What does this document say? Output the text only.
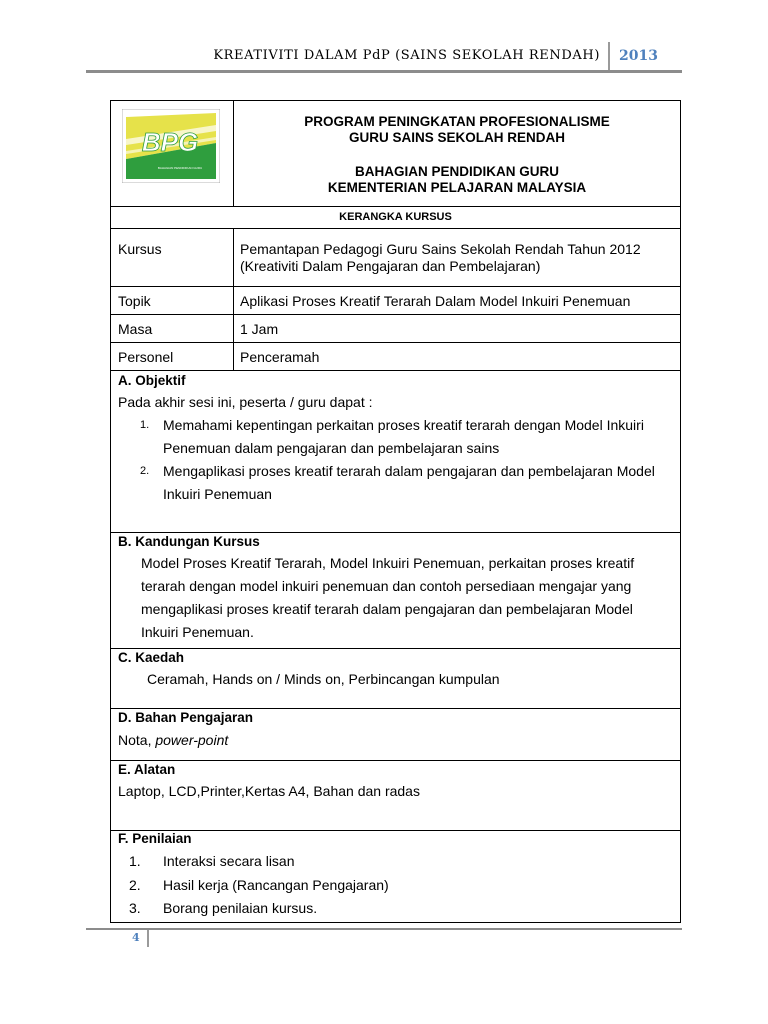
KREATIVITI DALAM PdP (SAINS SEKOLAH RENDAH) 2013
BPG
BAHAGIAN PENDIDIKAN GURU
PROGRAM PENINGKATAN PROFESIONALISME
GURU SAINS SEKOLAH RENDAH
BAHAGIAN PENDIDIKAN GURU
KEMENTERIAN PELAJARAN MALAYSIA
KERANGKA KURSUS
Kursus	Pemantapan Pedagogi Guru Sains Sekolah Rendah Tahun 2012
(Kreativiti Dalam Pengajaran dan Pembelajaran)
Topik	Aplikasi Proses Kreatif Terarah Dalam Model Inkuiri Penemuan
Masa	1 Jam
Personel	Penceramah
A. Objektif
Pada akhir sesi ini, peserta / guru dapat :
1. Memahami kepentingan perkaitan proses kreatif terarah dengan Model Inkuiri
Penemuan dalam pengajaran dan pembelajaran sains
2. Mengaplikasi proses kreatif terarah dalam pengajaran dan pembelajaran Model
Inkuiri Penemuan
B. Kandungan Kursus
Model Proses Kreatif Terarah, Model Inkuiri Penemuan, perkaitan proses kreatif
terarah dengan model inkuiri penemuan dan contoh persediaan mengajar yang
mengaplikasi proses kreatif terarah dalam pengajaran dan pembelajaran Model
Inkuiri Penemuan.
C. Kaedah
Ceramah, Hands on / Minds on, Perbincangan kumpulan
D. Bahan Pengajaran
Nota, power-point
E. Alatan
Laptop, LCD,Printer,Kertas A4, Bahan dan radas
F. Penilaian
1. Interaksi secara lisan
2. Hasil kerja (Rancangan Pengajaran)
3. Borang penilaian kursus.
4
